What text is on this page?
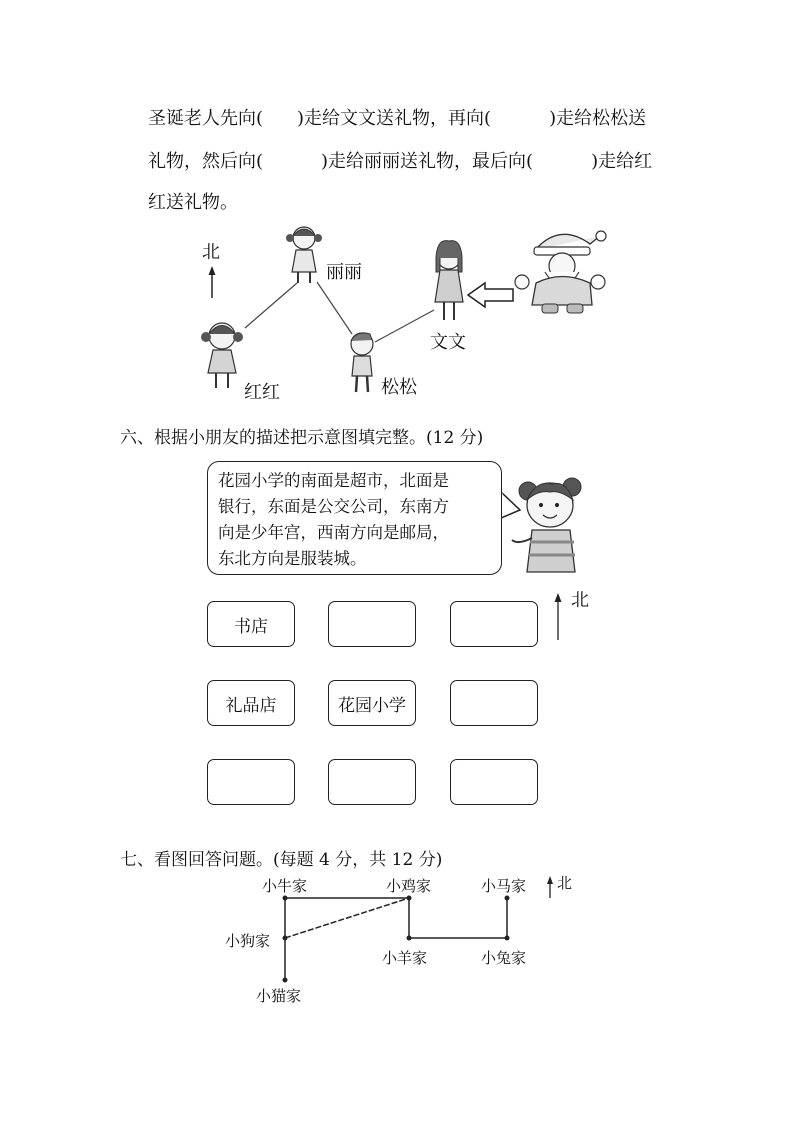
圣诞老人先向( )走给文文送礼物，再向(	)走给松松送
礼物，然后向(	)走给丽丽送礼物，最后向(	)走给红
红送礼物。
北
丽丽
文文
松松
红红
六、根据小朋友的描述把示意图填完整。(12 分)
花园小学的南面是超市，北面是
银行，东面是公交公司，东南方
向是少年宫，西南方向是邮局，
东北方向是服装城。
书店
礼品店	花园小学
北
七、看图回答问题。(每题 4 分，共 12 分)
小牛家	小鸡家	小马家
小狗家
小羊家	小兔家
小猫家
北
